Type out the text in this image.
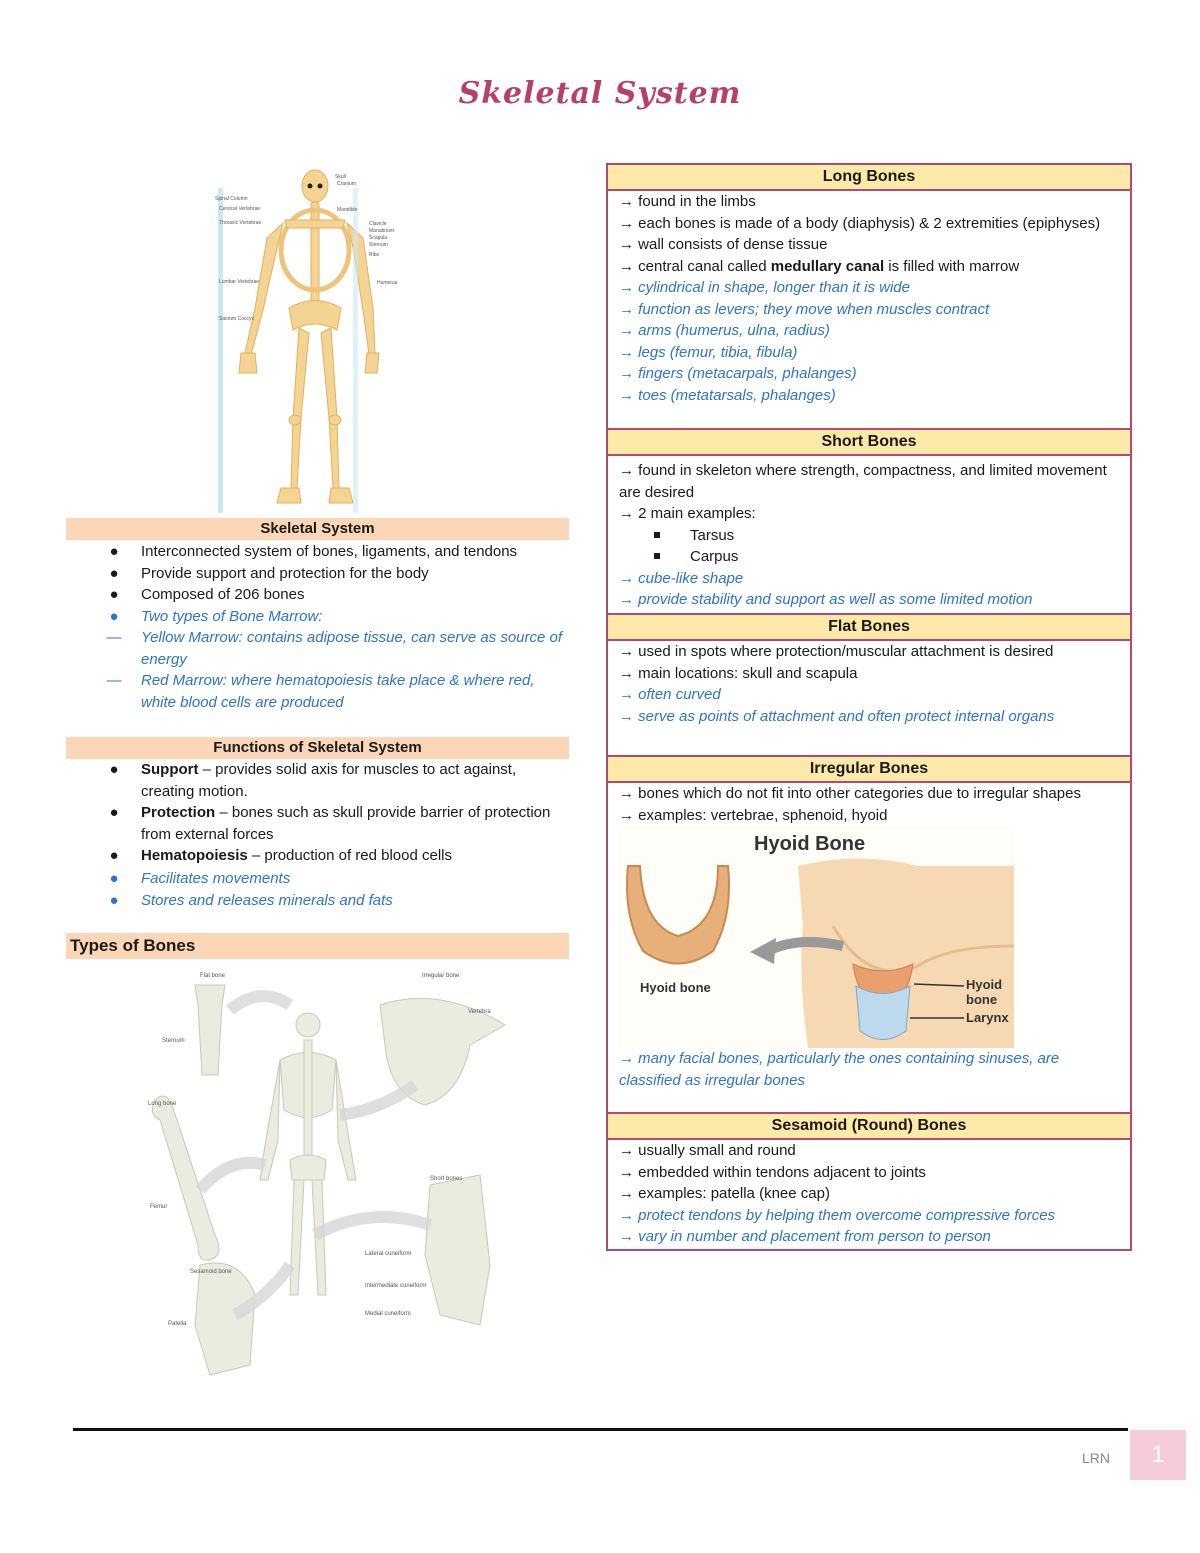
Skeletal System
Spinal Column
Cervical Vertebrae
Thoracic Vertebrae
Lumbar Vertebrae
Sacrum Coccyx
Skull
Cranium
Mandible
Clavicle
Manubrium
Scapula
Sternum
Ribs
Humerus
Skeletal System
●	Interconnected system of bones, ligaments, and tendons
●	Provide support and protection for the body
●	Composed of 206 bones
●	Two types of Bone Marrow:
― Yellow Marrow: contains adipose tissue, can serve as source of energy
― Red Marrow: where hematopoiesis take place & where red, white blood cells are produced
Functions of Skeletal System
●	Support – provides solid axis for muscles to act against, creating motion.
●	Protection – bones such as skull provide barrier of protection from external forces
●	Hematopoiesis – production of red blood cells
●	Facilitates movements
●	Stores and releases minerals and fats
Types of Bones
Flat bone
Sternum
Irregular bone
Vertebra
Long bone
Femur
Short bones
Sesamoid bone
Patella
Lateral cuneiform
Intermediate cuneiform
Medial cuneiform
Long Bones
→ found in the limbs
→ each bones is made of a body (diaphysis) & 2 extremities (epiphyses)
→ wall consists of dense tissue
→ central canal called medullary canal is filled with marrow
→ cylindrical in shape, longer than it is wide
→ function as levers; they move when muscles contract
→ arms (humerus, ulna, radius)
→ legs (femur, tibia, fibula)
→ fingers (metacarpals, phalanges)
→ toes (metatarsals, phalanges)
Short Bones
→ found in skeleton where strength, compactness, and limited movement are desired
→ 2 main examples:
Tarsus
Carpus
→ cube-like shape
→ provide stability and support as well as some limited motion
Flat Bones
→ used in spots where protection/muscular attachment is desired
→ main locations: skull and scapula
→ often curved
→ serve as points of attachment and often protect internal organs
Irregular Bones
→ bones which do not fit into other categories due to irregular shapes
→ examples: vertebrae, sphenoid, hyoid
Hyoid Bone
Hyoid bone	Hyoid
bone
Larynx
→ many facial bones, particularly the ones containing sinuses, are classified as irregular bones
Sesamoid (Round) Bones
→ usually small and round
→ embedded within tendons adjacent to joints
→ examples: patella (knee cap)
→ protect tendons by helping them overcome compressive forces
→ vary in number and placement from person to person
LRN	1
